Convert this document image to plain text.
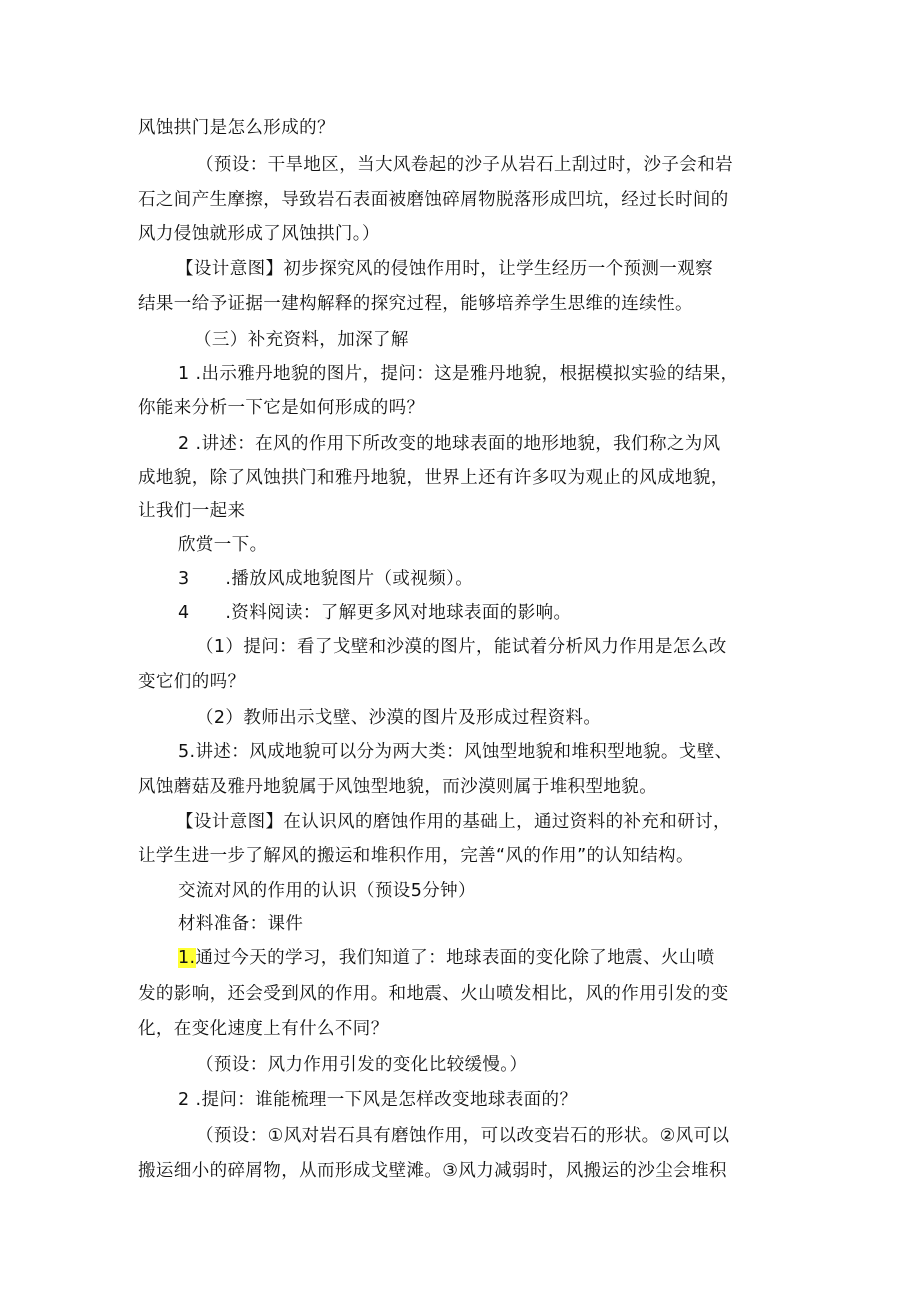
风蚀拱门是怎么形成的？
（预设：干旱地区，当大风卷起的沙子从岩石上刮过时，沙子会和岩
石之间产生摩擦，导致岩石表面被磨蚀碎屑物脱落形成凹坑，经过长时间的
风力侵蚀就形成了风蚀拱门。）
【设计意图】初步探究风的侵蚀作用时，让学生经历一个预测一观察
结果一给予证据一建构解释的探究过程，能够培养学生思维的连续性。
（三）补充资料，加深了解
1 .出示雅丹地貌的图片，提问：这是雅丹地貌，根据模拟实验的结果，
你能来分析一下它是如何形成的吗？
2 .讲述：在风的作用下所改变的地球表面的地形地貌，我们称之为风
成地貌，除了风蚀拱门和雅丹地貌，世界上还有许多叹为观止的风成地貌，
让我们一起来
欣赏一下。
3　　.播放风成地貌图片（或视频）。
4　　.资料阅读：了解更多风对地球表面的影响。
（1）提问：看了戈壁和沙漠的图片，能试着分析风力作用是怎么改
变它们的吗？
（2）教师出示戈壁、沙漠的图片及形成过程资料。
5.讲述：风成地貌可以分为两大类：风蚀型地貌和堆积型地貌。戈壁、
风蚀蘑菇及雅丹地貌属于风蚀型地貌，而沙漠则属于堆积型地貌。
【设计意图】在认识风的磨蚀作用的基础上，通过资料的补充和研讨，
让学生进一步了解风的搬运和堆积作用，完善“风的作用”的认知结构。
交流对风的作用的认识（预设5分钟）
材料准备：课件
1.通过今天的学习，我们知道了：地球表面的变化除了地震、火山喷
发的影响，还会受到风的作用。和地震、火山喷发相比，风的作用引发的变
化，在变化速度上有什么不同？
（预设：风力作用引发的变化比较缓慢。）
2 .提问：谁能梳理一下风是怎样改变地球表面的？
（预设：①风对岩石具有磨蚀作用，可以改变岩石的形状。②风可以
搬运细小的碎屑物，从而形成戈壁滩。③风力减弱时，风搬运的沙尘会堆积
